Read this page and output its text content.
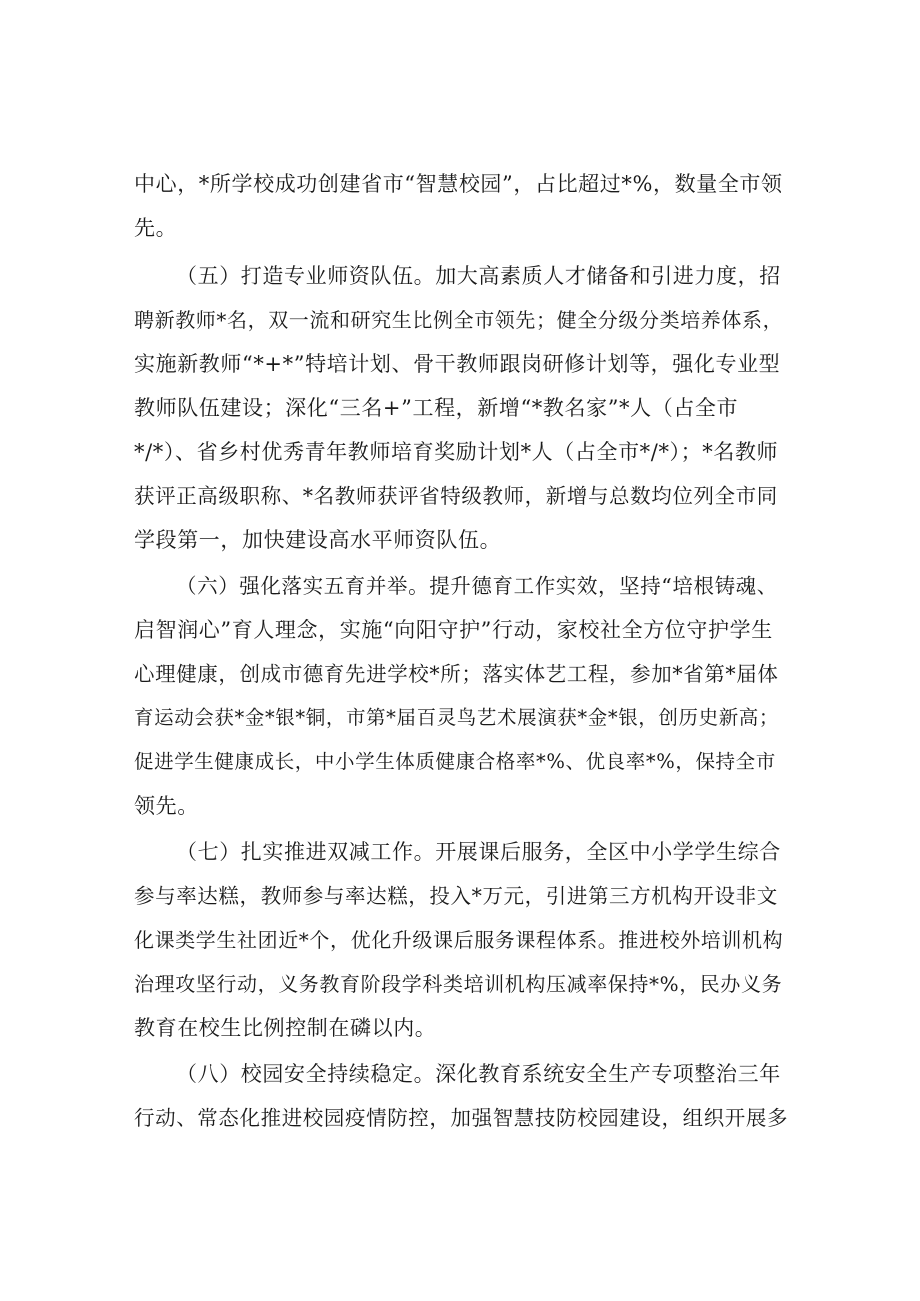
中心，*所学校成功创建省市“智慧校园”，占比超过*%，数量全市领
先。
（五）打造专业师资队伍。加大高素质人才储备和引进力度，招
聘新教师*名，双一流和研究生比例全市领先；健全分级分类培养体系，
实施新教师“*+*”特培计划、骨干教师跟岗研修计划等，强化专业型
教师队伍建设；深化“三名+”工程，新增“*教名家”*人（占全市
*/*）、省乡村优秀青年教师培育奖励计划*人（占全市*/*）；*名教师
获评正高级职称、*名教师获评省特级教师，新增与总数均位列全市同
学段第一，加快建设高水平师资队伍。
（六）强化落实五育并举。提升德育工作实效，坚持“培根铸魂、
启智润心”育人理念，实施“向阳守护”行动，家校社全方位守护学生
心理健康，创成市德育先进学校*所；落实体艺工程，参加*省第*届体
育运动会获*金*银*铜，市第*届百灵鸟艺术展演获*金*银，创历史新高；
促进学生健康成长，中小学生体质健康合格率*%、优良率*%，保持全市
领先。
（七）扎实推进双减工作。开展课后服务，全区中小学学生综合
参与率达糕，教师参与率达糕，投入*万元，引进第三方机构开设非文
化课类学生社团近*个，优化升级课后服务课程体系。推进校外培训机构
治理攻坚行动，义务教育阶段学科类培训机构压减率保持*%，民办义务
教育在校生比例控制在磷以内。
（八）校园安全持续稳定。深化教育系统安全生产专项整治三年
行动、常态化推进校园疫情防控，加强智慧技防校园建设，组织开展多
